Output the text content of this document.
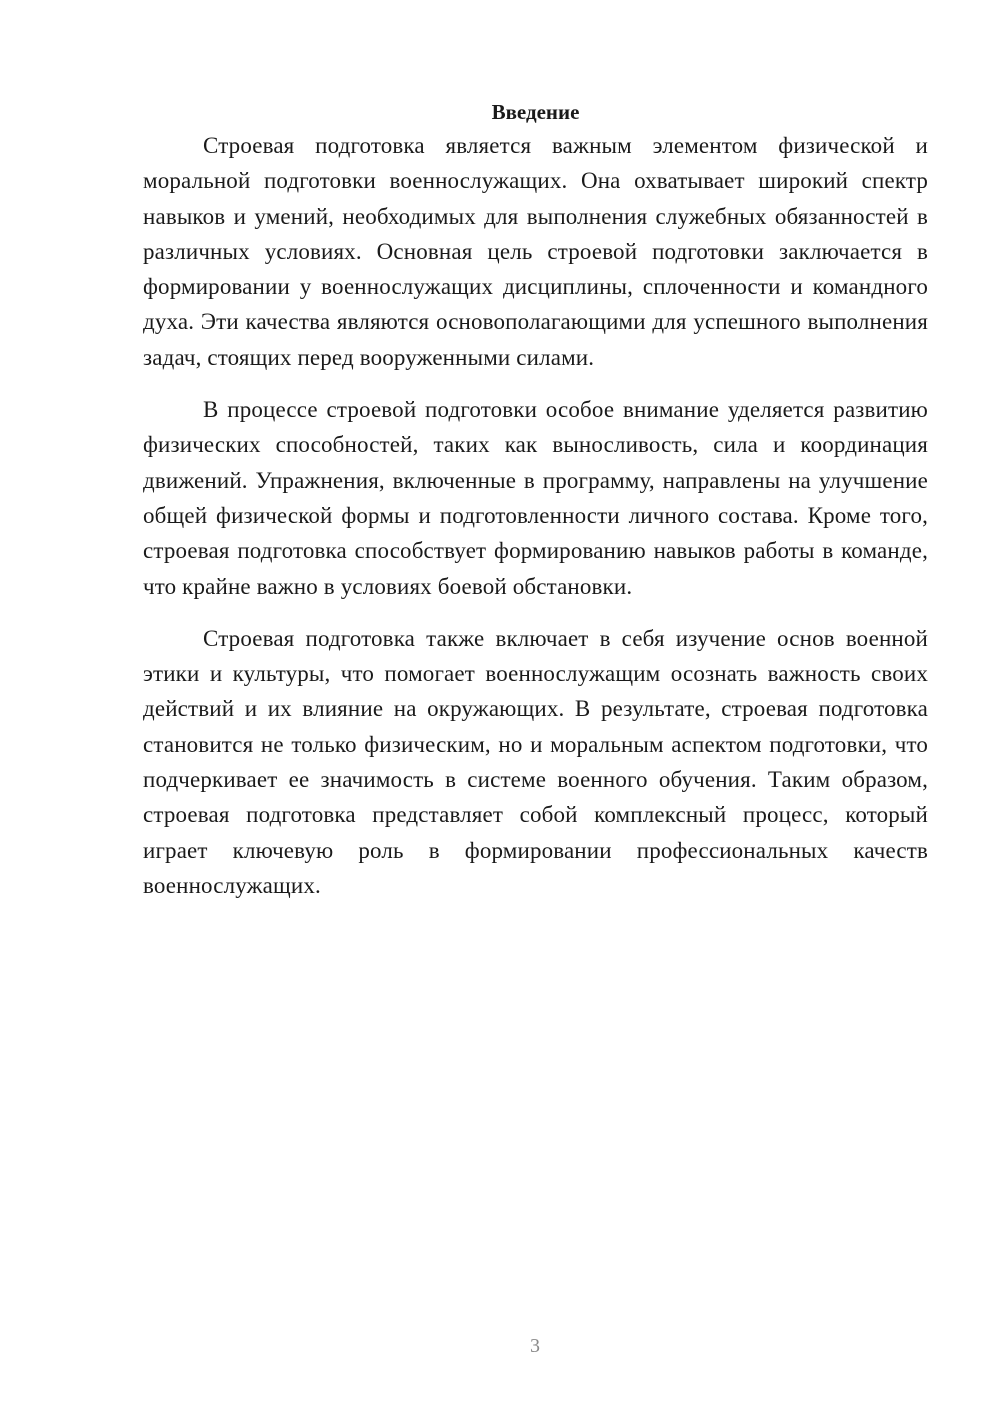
Введение

Строевая подготовка является важным элементом физической и моральной подготовки военнослужащих. Она охватывает широкий спектр навыков и умений, необходимых для выполнения служебных обязанностей в различных условиях. Основная цель строевой подготовки заключается в формировании у военнослужащих дисциплины, сплоченности и командного духа. Эти качества являются основополагающими для успешного выполнения задач, стоящих перед вооруженными силами.

В процессе строевой подготовки особое внимание уделяется развитию физических способностей, таких как выносливость, сила и координация движений. Упражнения, включенные в программу, направлены на улучшение общей физической формы и подготовленности личного состава. Кроме того, строевая подготовка способствует формированию навыков работы в команде, что крайне важно в условиях боевой обстановки.

Строевая подготовка также включает в себя изучение основ военной этики и культуры, что помогает военнослужащим осознать важность своих действий и их влияние на окружающих. В результате, строевая подготовка становится не только физическим, но и моральным аспектом подготовки, что подчеркивает ее значимость в системе военного обучения. Таким образом, строевая подготовка представляет собой комплексный процесс, который играет ключевую роль в формировании профессиональных качеств военнослужащих.

3
